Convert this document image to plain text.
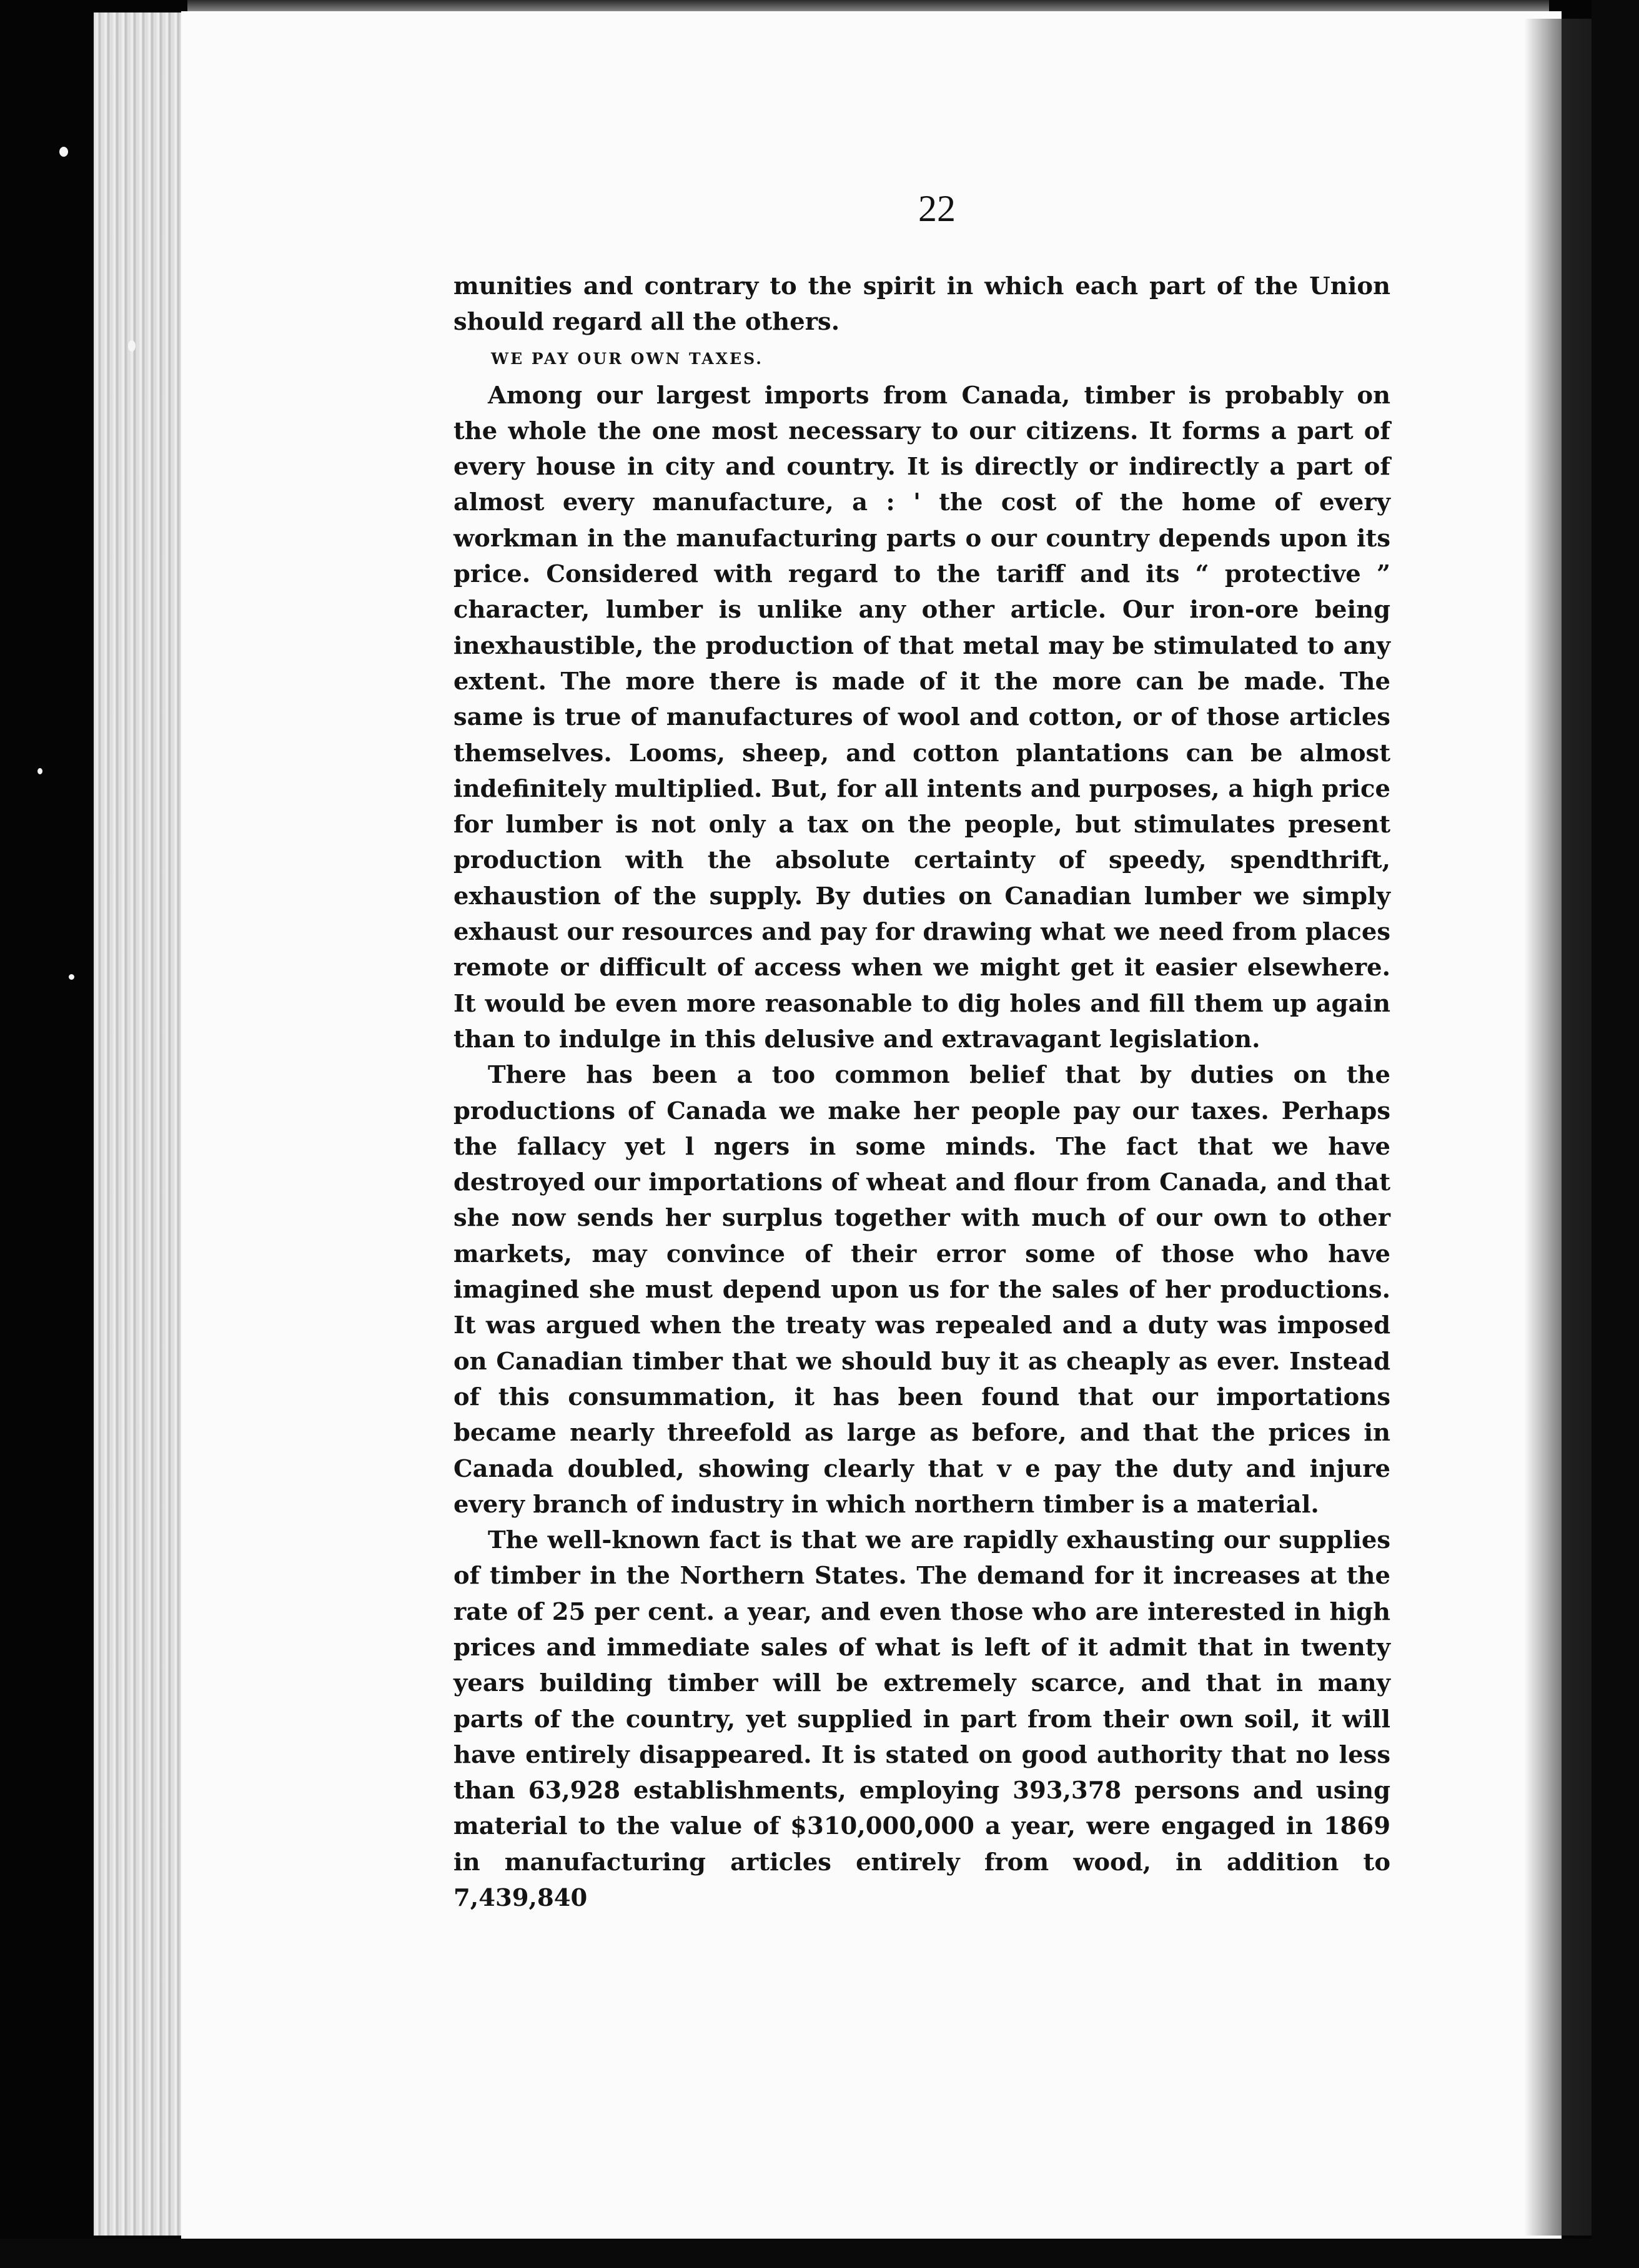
22

munities and contrary to the spirit in which each part of the Union should regard all the others.

WE PAY OUR OWN TAXES.

Among our largest imports from Canada, timber is probably on the whole the one most necessary to our citizens. It forms a part of every house in city and country. It is directly or indirectly a part of almost every manufacture, a : ' the cost of the home of every workman in the manufacturing parts o our country depends upon its price. Considered with regard to the tariff and its “ protective ” character, lumber is unlike any other article. Our iron-ore being inexhaustible, the production of that metal may be stimulated to any extent. The more there is made of it the more can be made. The same is true of manufactures of wool and cotton, or of those articles themselves. Looms, sheep, and cotton plantations can be almost indefinitely multiplied. But, for all intents and purposes, a high price for lumber is not only a tax on the people, but stimulates present production with the absolute certainty of speedy, spendthrift, exhaustion of the supply. By duties on Canadian lumber we simply exhaust our resources and pay for drawing what we need from places remote or difficult of access when we might get it easier elsewhere. It would be even more reasonable to dig holes and fill them up again than to indulge in this delusive and extravagant legislation.

There has been a too common belief that by duties on the productions of Canada we make her people pay our taxes. Perhaps the fallacy yet l ngers in some minds. The fact that we have destroyed our importations of wheat and flour from Canada, and that she now sends her surplus together with much of our own to other markets, may convince of their error some of those who have imagined she must depend upon us for the sales of her productions. It was argued when the treaty was repealed and a duty was imposed on Canadian timber that we should buy it as cheaply as ever. Instead of this consummation, it has been found that our importations became nearly threefold as large as before, and that the prices in Canada doubled, showing clearly that v e pay the duty and injure every branch of industry in which northern timber is a material.

The well-known fact is that we are rapidly exhausting our supplies of timber in the Northern States. The demand for it increases at the rate of 25 per cent. a year, and even those who are interested in high prices and immediate sales of what is left of it admit that in twenty years building timber will be extremely scarce, and that in many parts of the country, yet supplied in part from their own soil, it will have entirely disappeared. It is stated on good authority that no less than 63,928 establishments, employing 393,378 persons and using material to the value of $310,000,000 a year, were engaged in 1869 in manufacturing articles entirely from wood, in addition to 7,439,840
